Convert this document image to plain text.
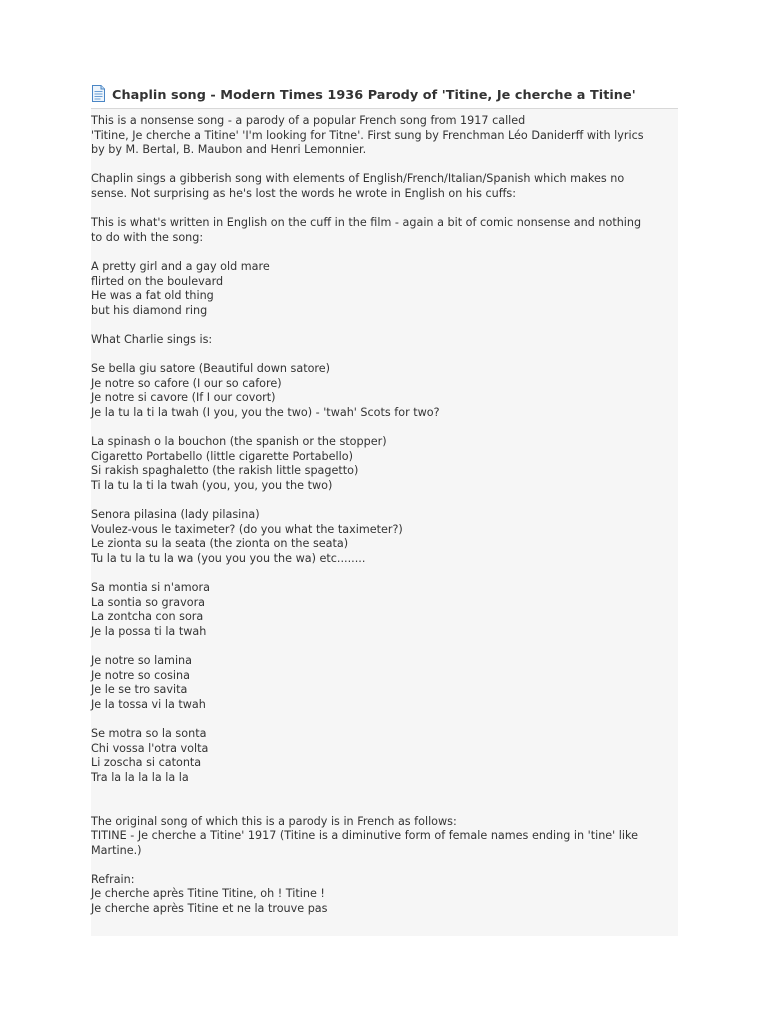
Chaplin song - Modern Times 1936 Parody of 'Titine, Je cherche a Titine'
This is a nonsense song - a parody of a popular French song from 1917 called
'Titine, Je cherche a Titine' 'I'm looking for Titne'. First sung by Frenchman Léo Daniderff with lyrics
by by M. Bertal, B. Maubon and Henri Lemonnier.
Chaplin sings a gibberish song with elements of English/French/Italian/Spanish which makes no
sense. Not surprising as he's lost the words he wrote in English on his cuffs:
This is what's written in English on the cuff in the film - again a bit of comic nonsense and nothing
to do with the song:
A pretty girl and a gay old mare
flirted on the boulevard
He was a fat old thing
but his diamond ring
What Charlie sings is:
Se bella giu satore (Beautiful down satore)
Je notre so cafore (I our so cafore)
Je notre si cavore (If I our covort)
Je la tu la ti la twah (I you, you the two) - 'twah' Scots for two?
La spinash o la bouchon (the spanish or the stopper)
Cigaretto Portabello (little cigarette Portabello)
Si rakish spaghaletto (the rakish little spagetto)
Ti la tu la ti la twah (you, you, you the two)
Senora pilasina (lady pilasina)
Voulez-vous le taximeter? (do you what the taximeter?)
Le zionta su la seata (the zionta on the seata)
Tu la tu la tu la wa (you you you the wa) etc........
Sa montia si n'amora
La sontia so gravora
La zontcha con sora
Je la possa ti la twah
Je notre so lamina
Je notre so cosina
Je le se tro savita
Je la tossa vi la twah
Se motra so la sonta
Chi vossa l'otra volta
Li zoscha si catonta
Tra la la la la la la
The original song of which this is a parody is in French as follows:
TITINE - Je cherche a Titine' 1917 (Titine is a diminutive form of female names ending in 'tine' like
Martine.)
Refrain:
Je cherche après Titine Titine, oh ! Titine !
Je cherche après Titine et ne la trouve pas
